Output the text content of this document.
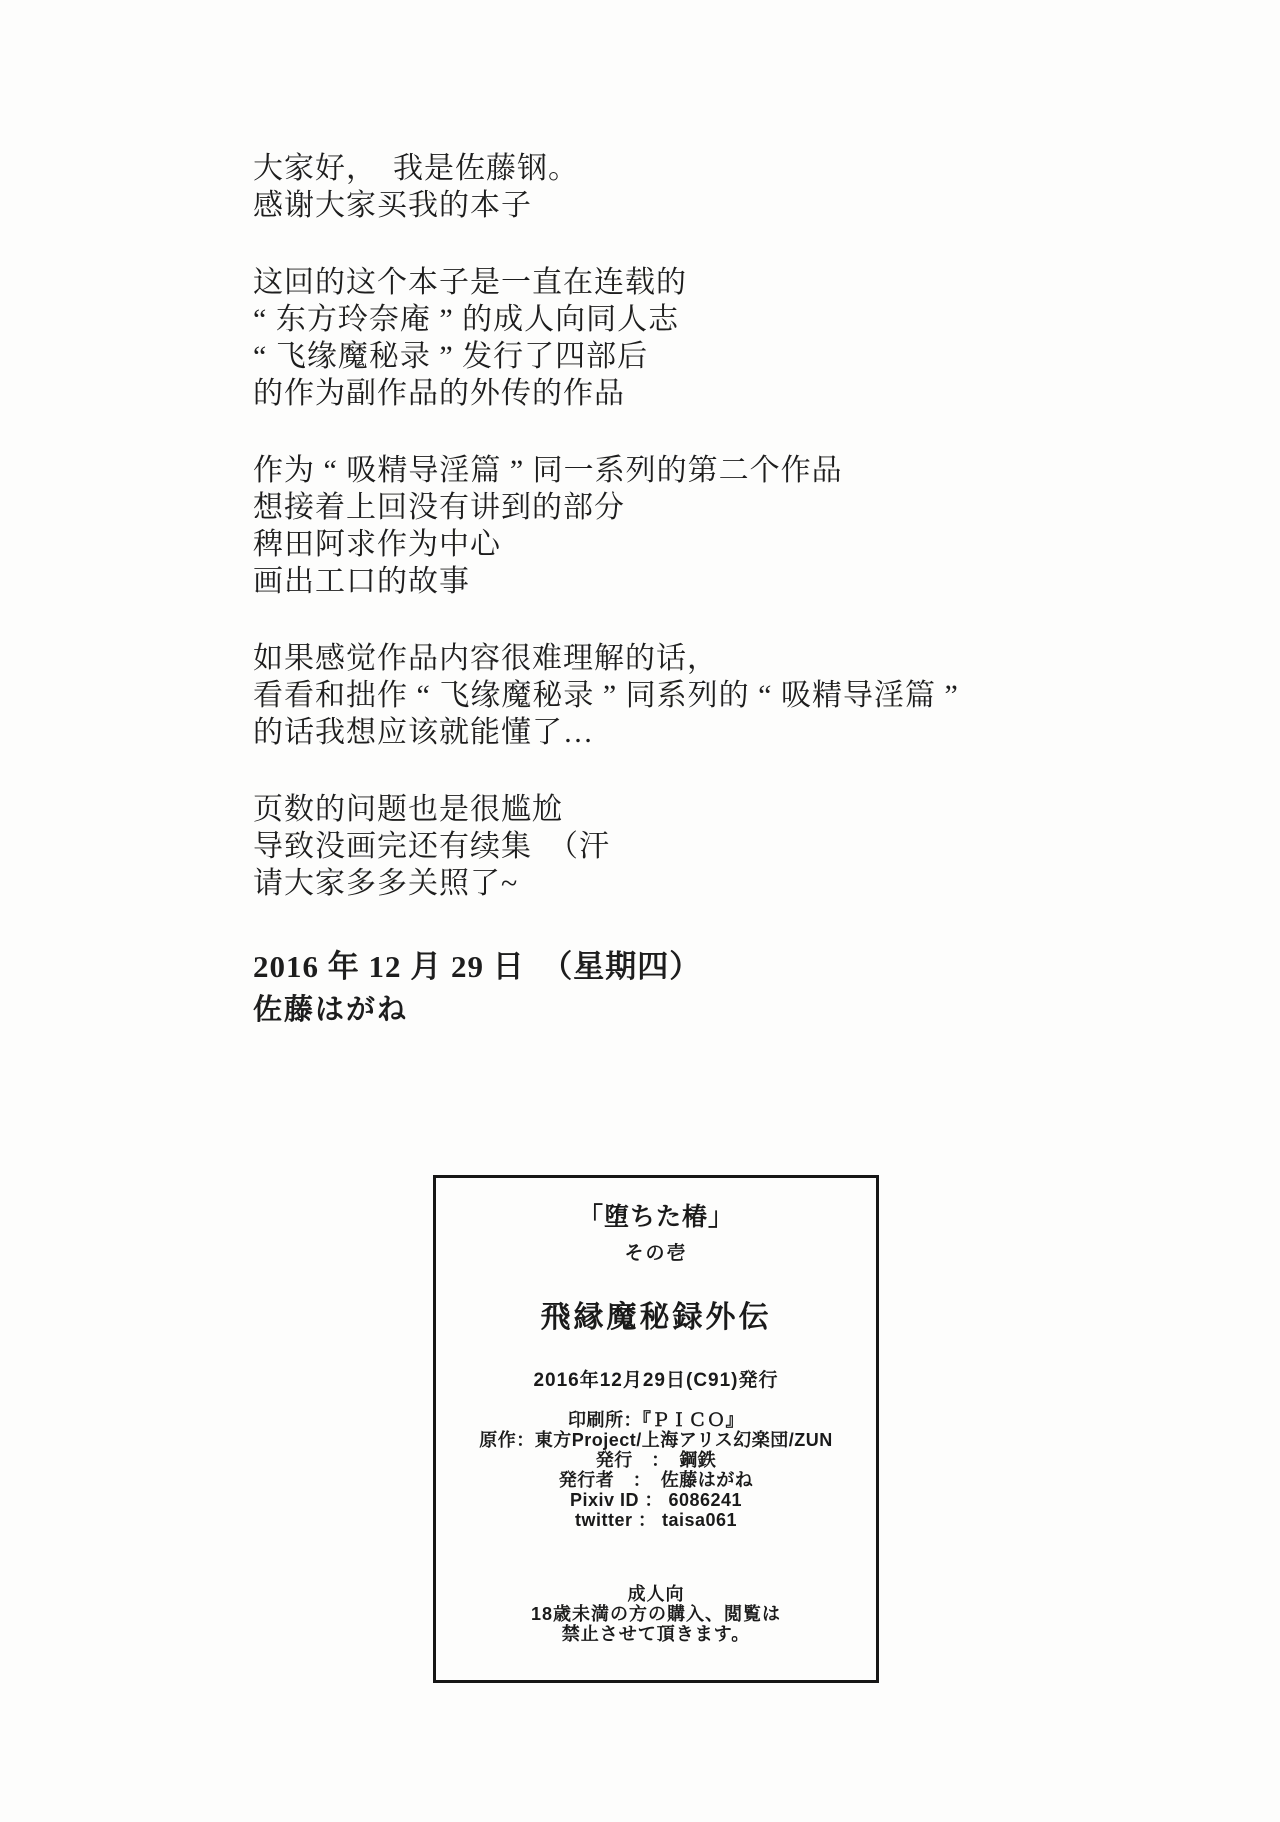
大家好，　我是佐藤钢。
感谢大家买我的本子

这回的这个本子是一直在连载的
“ 东方玲奈庵 ” 的成人向同人志
“ 飞缘魔秘录 ” 发行了四部后
的作为副作品的外传的作品

作为 “ 吸精导淫篇 ” 同一系列的第二个作品
想接着上回没有讲到的部分
稗田阿求作为中心
画出工口的故事

如果感觉作品内容很难理解的话，
看看和拙作 “ 飞缘魔秘录 ” 同系列的 “ 吸精导淫篇 ”
的话我想应该就能懂了…

页数的问题也是很尴尬
导致没画完还有续集　（汗
请大家多多关照了~

2016 年 12 月 29 日　（星期四）
佐藤はがね
「堕ちた椿」
その壱
飛縁魔秘録外伝
2016年12月29日(C91)発行
印刷所：『ＰＩＣＯ』
原作：東方Project/上海アリス幻楽団/ZUN
発行　：　鋼鉄
発行者　：　佐藤はがね
Pixiv ID ： 6086241
twitter ： taisa061
成人向
18歳未満の方の購入、閲覧は
禁止させて頂きます。
